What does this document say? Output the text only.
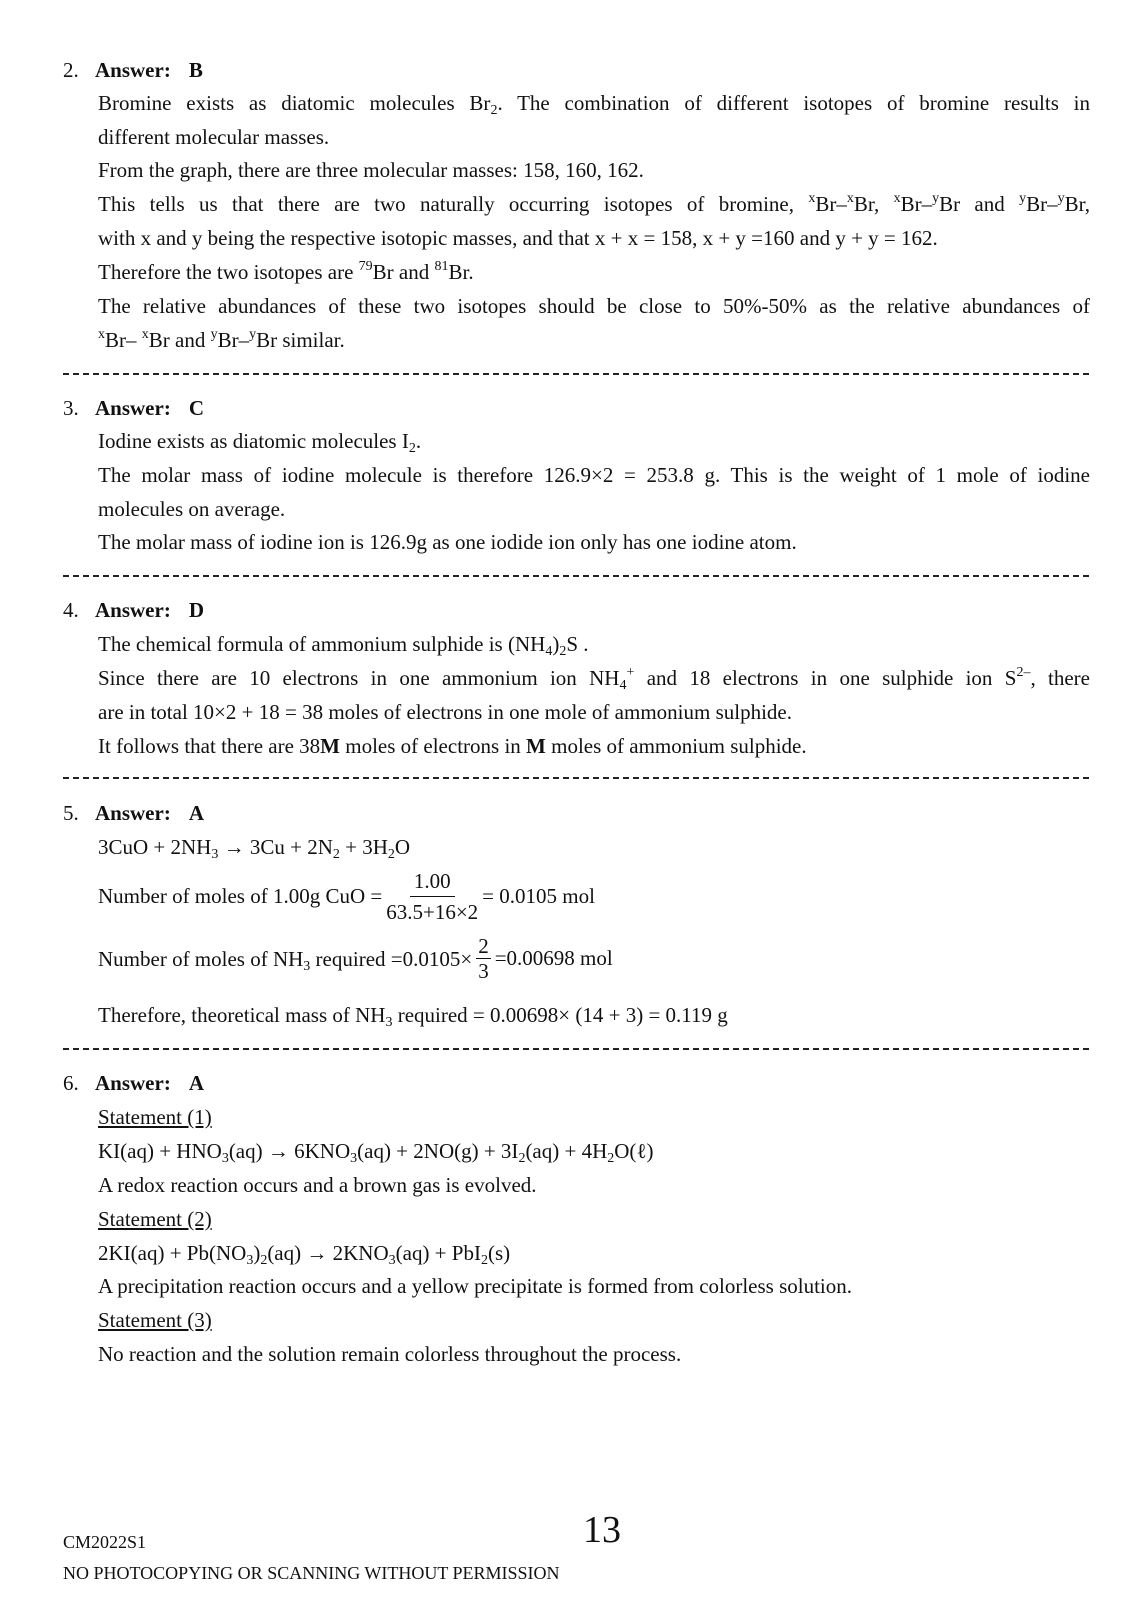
2. Answer: B
Bromine exists as diatomic molecules $Br_2$. The combination of different isotopes of bromine results in
different molecular masses.
From the graph, there are three molecular masses: 158, 160, 162.
This tells us that there are two naturally occurring isotopes of bromine, $^x$Br–$^x$Br, $^x$Br–$^y$Br and $^y$Br–$^y$Br,
with x and y being the respective isotopic masses, and that x + x = 158, x + y =160 and y + y = 162.
Therefore the two isotopes are $^{79}$Br and $^{81}$Br.
The relative abundances of these two isotopes should be close to 50%-50% as the relative abundances of
$^x$Br– $^x$Br and $^y$Br–$^y$Br similar.
3. Answer: C
Iodine exists as diatomic molecules $I_2$.
The molar mass of iodine molecule is therefore 126.9×2 = 253.8 g. This is the weight of 1 mole of iodine
molecules on average.
The molar mass of iodine ion is 126.9g as one iodide ion only has one iodine atom.
4. Answer: D
The chemical formula of ammonium sulphide is $(NH_4)_2S$ .
Since there are 10 electrons in one ammonium ion $NH_4^+$ and 18 electrons in one sulphide ion $S^{2-}$, there
are in total 10×2 + 18 = 38 moles of electrons in one mole of ammonium sulphide.
It follows that there are 38M moles of electrons in M moles of ammonium sulphide.
5. Answer: A
$3CuO + 2NH_3 \to 3Cu + 2N_2 + 3H_2O$
Number of moles of 1.00g CuO = $\frac{1.00}{63.5+16\times 2} = 0.0105$ mol
Number of moles of $NH_3$ required $=0.0105\times \frac{2}{3} =0.00698$ mol
Therefore, theoretical mass of $NH_3$ required = 0.00698× (14 + 3) = 0.119 g
6. Answer: A
Statement (1)
$KI(aq) + HNO_3(aq) \to 6KNO_3(aq) + 2NO(g) + 3I_2(aq)$ + $4H_2O(\ell)$
A redox reaction occurs and a brown gas is evolved.
Statement (2)
$2KI(aq) + Pb(NO_3)_2(aq) \to 2KNO_3(aq) + PbI_2(s)$
A precipitation reaction occurs and a yellow precipitate is formed from colorless solution.
Statement (3)
No reaction and the solution remain colorless throughout the process.
CM2022S1	13
NO PHOTOCOPYING OR SCANNING WITHOUT PERMISSION
